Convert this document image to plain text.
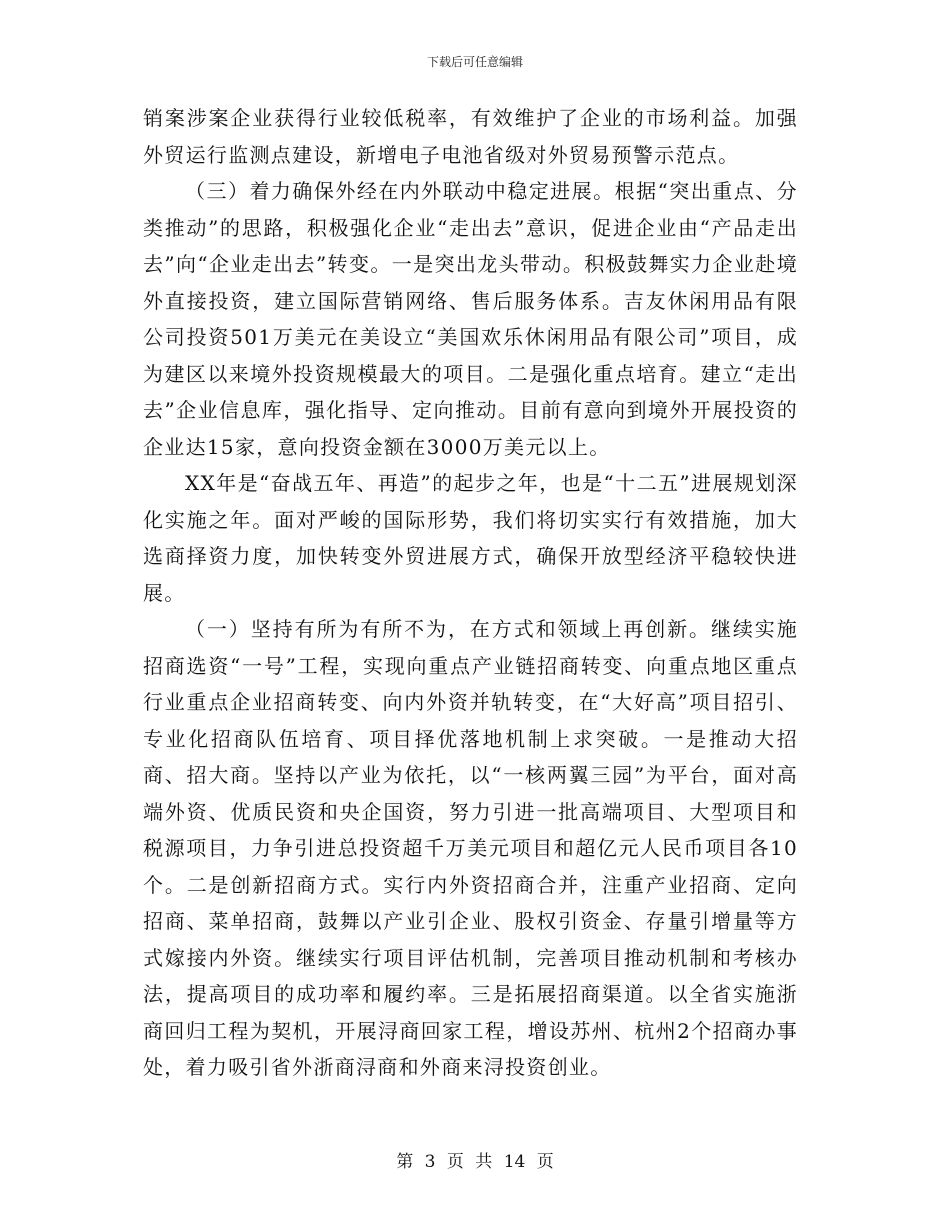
下载后可任意编辑

销案涉案企业获得行业较低税率，有效维护了企业的市场利益。加强外贸运行监测点建设，新增电子电池省级对外贸易预警示范点。

（三）着力确保外经在内外联动中稳定进展。根据“突出重点、分类推动”的思路，积极强化企业“走出去”意识，促进企业由“产品走出去”向“企业走出去”转变。一是突出龙头带动。积极鼓舞实力企业赴境外直接投资，建立国际营销网络、售后服务体系。吉友休闲用品有限公司投资501万美元在美设立“美国欢乐休闲用品有限公司”项目，成为建区以来境外投资规模最大的项目。二是强化重点培育。建立“走出去”企业信息库，强化指导、定向推动。目前有意向到境外开展投资的企业达15家，意向投资金额在3000万美元以上。

XX年是“奋战五年、再造”的起步之年，也是“十二五”进展规划深化实施之年。面对严峻的国际形势，我们将切实实行有效措施，加大选商择资力度，加快转变外贸进展方式，确保开放型经济平稳较快进展。

（一）坚持有所为有所不为，在方式和领域上再创新。继续实施招商选资“一号”工程，实现向重点产业链招商转变、向重点地区重点行业重点企业招商转变、向内外资并轨转变，在“大好高”项目招引、专业化招商队伍培育、项目择优落地机制上求突破。一是推动大招商、招大商。坚持以产业为依托，以“一核两翼三园”为平台，面对高端外资、优质民资和央企国资，努力引进一批高端项目、大型项目和税源项目，力争引进总投资超千万美元项目和超亿元人民币项目各10个。二是创新招商方式。实行内外资招商合并，注重产业招商、定向招商、菜单招商，鼓舞以产业引企业、股权引资金、存量引增量等方式嫁接内外资。继续实行项目评估机制，完善项目推动机制和考核办法，提高项目的成功率和履约率。三是拓展招商渠道。以全省实施浙商回归工程为契机，开展浔商回家工程，增设苏州、杭州2个招商办事处，着力吸引省外浙商浔商和外商来浔投资创业。

第 3 页 共 14 页
